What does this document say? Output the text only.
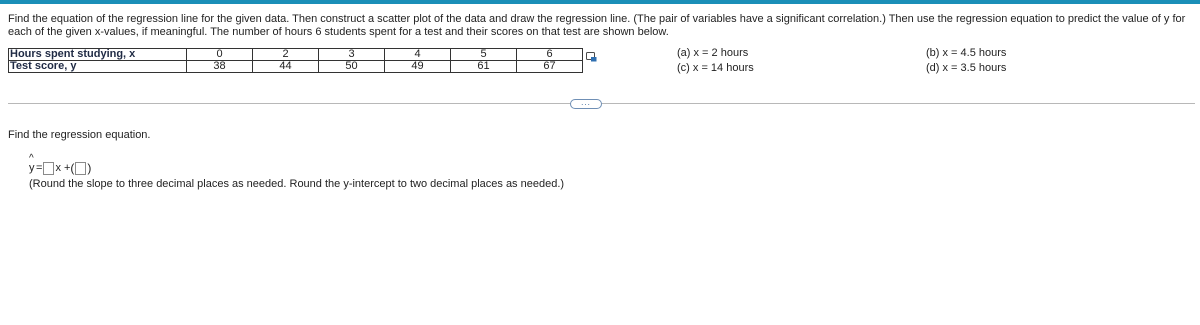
Find the equation of the regression line for the given data. Then construct a scatter plot of the data and draw the regression line. (The pair of variables have a significant correlation.) Then use the regression equation to predict the value of y for each of the given x-values, if meaningful. The number of hours 6 students spent for a test and their scores on that test are shown below.
Hours spent studying, x	0	2	3	4	5	6
Test score, y	38	44	50	49	61	67
(a) x = 2 hours
(c) x = 14 hours
(b) x = 4.5 hours
(d) x = 3.5 hours
...
Find the regression equation.
^
y = x + ( )
(Round the slope to three decimal places as needed. Round the y-intercept to two decimal places as needed.)
